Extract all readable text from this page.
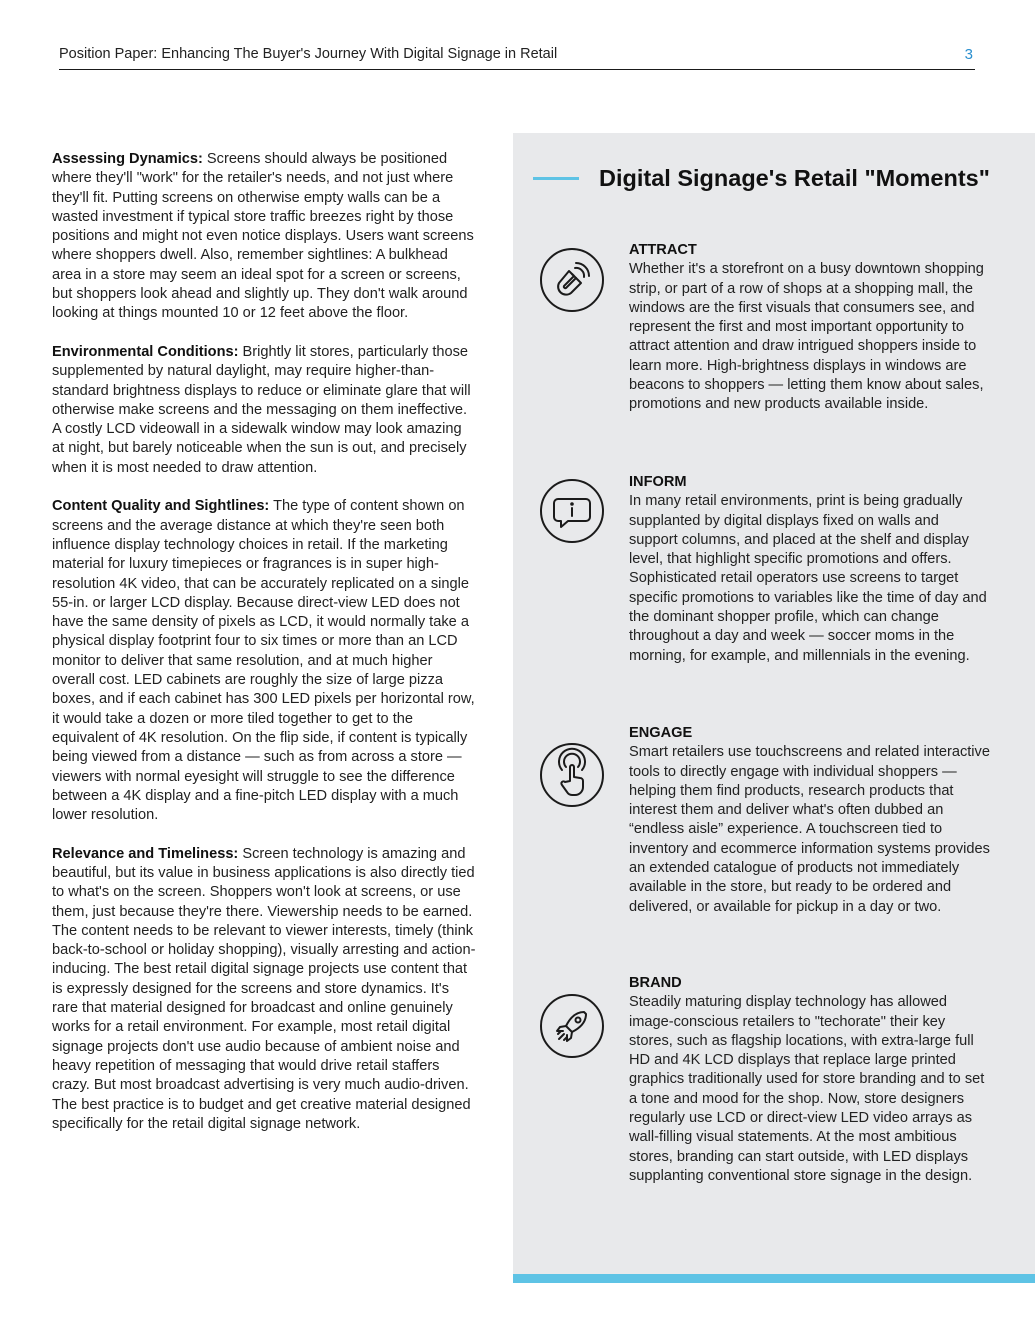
Position Paper: Enhancing The Buyer's Journey With Digital Signage in Retail	3

Assessing Dynamics: Screens should always be positioned where they'll "work" for the retailer's needs, and not just where they'll fit. Putting screens on otherwise empty walls can be a wasted investment if typical store traffic breezes right by those positions and might not even notice displays. Users want screens where shoppers dwell. Also, remember sightlines: A bulkhead area in a store may seem an ideal spot for a screen or screens, but shoppers look ahead and slightly up. They don't walk around looking at things mounted 10 or 12 feet above the floor.

Environmental Conditions: Brightly lit stores, particularly those supplemented by natural daylight, may require higher-than-standard brightness displays to reduce or eliminate glare that will otherwise make screens and the messaging on them ineffective. A costly LCD videowall in a sidewalk window may look amazing at night, but barely noticeable when the sun is out, and precisely when it is most needed to draw attention.

Content Quality and Sightlines: The type of content shown on screens and the average distance at which they're seen both influence display technology choices in retail. If the marketing material for luxury timepieces or fragrances is in super high-resolution 4K video, that can be accurately replicated on a single 55-in. or larger LCD display. Because direct-view LED does not have the same density of pixels as LCD, it would normally take a physical display footprint four to six times or more than an LCD monitor to deliver that same resolution, and at much higher overall cost. LED cabinets are roughly the size of large pizza boxes, and if each cabinet has 300 LED pixels per horizontal row, it would take a dozen or more tiled together to get to the equivalent of 4K resolution. On the flip side, if content is typically being viewed from a distance — such as from across a store — viewers with normal eyesight will struggle to see the difference between a 4K display and a fine-pitch LED display with a much lower resolution.

Relevance and Timeliness: Screen technology is amazing and beautiful, but its value in business applications is also directly tied to what's on the screen. Shoppers won't look at screens, or use them, just because they're there. Viewership needs to be earned. The content needs to be relevant to viewer interests, timely (think back-to-school or holiday shopping), visually arresting and action-inducing. The best retail digital signage projects use content that is expressly designed for the screens and store dynamics. It's rare that material designed for broadcast and online genuinely works for a retail environment. For example, most retail digital signage projects don't use audio because of ambient noise and heavy repetition of messaging that would drive retail staffers crazy. But most broadcast advertising is very much audio-driven. The best practice is to budget and get creative material designed specifically for the retail digital signage network.

Digital Signage's Retail "Moments"
ATTRACT
Whether it's a storefront on a busy downtown shopping strip, or part of a row of shops at a shopping mall, the windows are the first visuals that consumers see, and represent the first and most important opportunity to attract attention and draw intrigued shoppers inside to learn more. High-brightness displays in windows are beacons to shoppers — letting them know about sales, promotions and new products available inside.
INFORM
In many retail environments, print is being gradually supplanted by digital displays fixed on walls and support columns, and placed at the shelf and display level, that highlight specific promotions and offers. Sophisticated retail operators use screens to target specific promotions to variables like the time of day and the dominant shopper profile, which can change throughout a day and week — soccer moms in the morning, for example, and millennials in the evening.
ENGAGE
Smart retailers use touchscreens and related interactive tools to directly engage with individual shoppers — helping them find products, research products that interest them and deliver what's often dubbed an “endless aisle” experience. A touchscreen tied to inventory and ecommerce information systems provides an extended catalogue of products not immediately available in the store, but ready to be ordered and delivered, or available for pickup in a day or two.
BRAND
Steadily maturing display technology has allowed image-conscious retailers to "techorate" their key stores, such as flagship locations, with extra-large full HD and 4K LCD displays that replace large printed graphics traditionally used for store branding and to set a tone and mood for the shop. Now, store designers regularly use LCD or direct-view LED video arrays as wall-filling visual statements. At the most ambitious stores, branding can start outside, with LED displays supplanting conventional store signage in the design.
